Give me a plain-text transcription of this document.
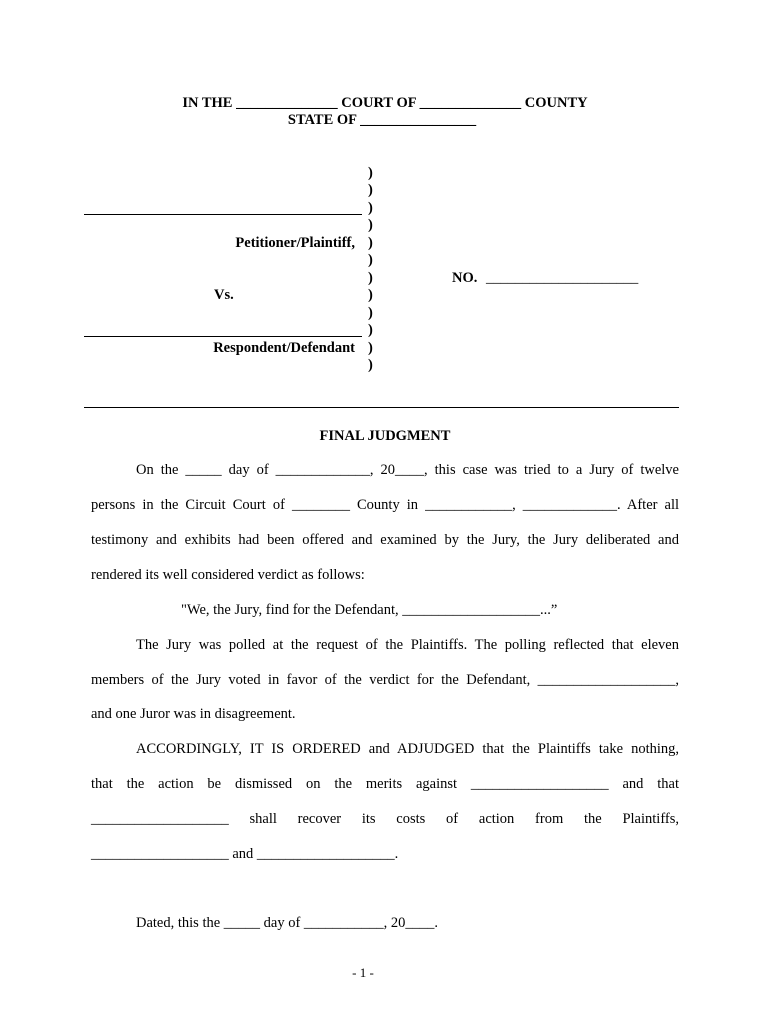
IN THE ______________ COURT OF ______________ COUNTY
STATE OF ________________
)
)
)
)
)
)
)
)
)
)
)
)
Petitioner/Plaintiff,
Vs.
Respondent/Defendant
NO. _____________________
FINAL JUDGMENT
On the _____ day of _____________, 20____, this case was tried to a Jury of twelve
persons in the Circuit Court of ________ County in ____________, _____________. After all
testimony and exhibits had been offered and examined by the Jury, the Jury deliberated and
rendered its well considered verdict as follows:
"We, the Jury, find for the Defendant, ___________________...”
The Jury was polled at the request of the Plaintiffs. The polling reflected that eleven
members of the Jury voted in favor of the verdict for the Defendant, ___________________,
and one Juror was in disagreement.
ACCORDINGLY, IT IS ORDERED and ADJUDGED that the Plaintiffs take nothing,
that the action be dismissed on the merits against ___________________ and that
___________________ shall recover its costs of action from the Plaintiffs,
___________________ and ___________________.
Dated, this the _____ day of ___________, 20____.
- 1 -
